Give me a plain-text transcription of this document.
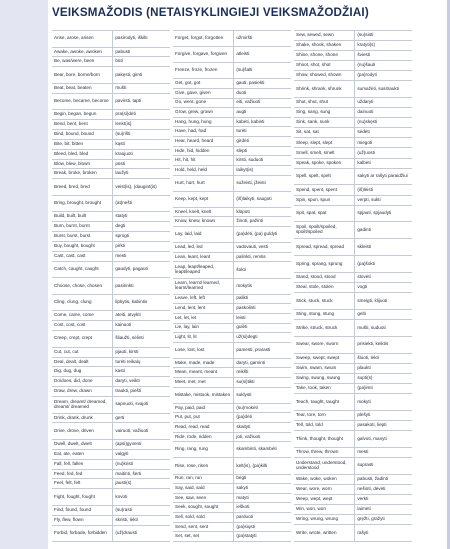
VEIKSMAŽODIS (NETAISYKLINGIEJI VEIKSMAŽODŽIAI)
Arise, arose, arisen	pasirodyti, iškilti
Awake, awoke, awoken	pabusti
Be, was/were, been	būti
Bear, bore, borne/born	pakęsti, gimti
Beat, beat, beaten	mušti
Become, became, become	pavirsti, tapti
Begin, began, begun	pra(si)dėti
Bend, bent, bent	lenkt(is)
Bind, bound, bound	(su)rišti
Bite, bit, bitten	kąsti
Bleed, bled, bled	kraujuoti
Blow, blew, blown	pūsti
Break, broke, broken	laužyti
Breed, bred, bred	veist(is), (daugint(is)
Bring, brought, brought	(at)nešti
Build, built, built	statyti
Burn, burnt, burnt	degti
Burst, burst, burst	sprogti
Buy, bought, bought	pirkti
Cast, cast, cast	mesti
Catch, caught, caught	gaudyti, pagauti
Choose, chose, chosen	pasirinkti
Cling, clung, clung	lipkytis, kabintis
Come, came, come	ateiti, atvykti
Cost, cost, cost	kainuoti
Creep, crept, crept	šliaužti, sėlinti
Cut, cut, cut	pjauti, kirsti
Deal, dealt, dealt	turėti reikalų
Dig, dug, dug	kasti
Do/does, did, done	daryti, veikti
Draw, drew, drawn	traukti, piešti
Dream, dreamt/ dreamed, dreamt/ dreamed	sapnuoti, svajoti
Drink, drank, drunk	gerti
Drive, drove, driven	vairuoti, važiuoti
Dwell, dwelt, dwelt	(apsi)gyventi
Eat, ate, eaten	valgyti
Fall, fell, fallen	(nu)kristi
Feed, fed, fed	maitinti, šerti
Feel, felt, felt	jausti(s)
Fight, fought, fought	kovoti
Find, found, found	(su)rasti
Fly, flew, flown	skristi, lėkti
Forbid, forbade, forbidden	(už)drausti
Forget, forgot, forgotten	užmiršti
Forgive, forgave, forgiven	atleisti
Freeze, froze, frozen	(su)šalti
Get, got, got	gauti, pasiekti
Give, gave, given	duoti
Go, went, gone	eiti, važiuoti
Grow, grew, grown	augti
Hang, hung, hung	kabėti, kabinti
Have, had, had	turėti
Hear, heard, heard	girdėti
Hide, hid, hidden	slėpti
Hit, hit, hit	kirsti, suduoti
Hold, held, held	laikyt(is)
Hurt, hurt, hurt	sužeisti, įžeisti
Keep, kept, kept	(iš)laikyti, saugoti
Kneel, knelt, knelt	klūpoti
Know, knew, known	žinoti, pažinti
Lay, laid, laid	(pa)dėti, (pa) guldyti
Lead, led, led	vadovauti, vesti
Lean, leant, leant	palinkti, remtis
Leap, leapt/leaped, leapt/leaped	šokti
Learn, learnt/ learned, learnt/learned	mokytis
Leave, left, left	palikti
Lend, lent, lent	paskolinti
Let, let, let	leisti
Lie, lay, lain	gulėti
Light, lit, lit	už(si)degti
Lose, lost, lost	pamesti, prarasti
Make, made, made	daryti, gaminti
Mean, meant, meant	reikšti
Meet, met, met	su(si)tikti
Mistake, mistook, mistaken	suklysti
Pay, paid, paid	(su)mokėti
Put, put, put	(pa)dėti
Read, read, read	skaityti
Ride, rode, ridden	joti, važiuoti
Ring, rang, rung	skambinti, skambėti
Rise, rose, risen	kelt(is), (pa)kilti
Run, ran, run	bėgti
Say, said, said	sakyti
See, saw, seen	matyti
Seek, sought, sought	ieškoti
Sell, sold, sold	parduoti
Send, sent, sent	(pa)siųsti
Set, set, set	(pa)statyti
Sew, sewed, sewn	(su)siūti
Shake, shook, shaken	kratyti(s)
Shine, shone, shone	šviesti
Shoot, shot, shot	(nu)šauti
Show, showed, shown	(pa)rodyti
Shrink, shrank, shrunk	sumažėti, susitraukti
Shut, shut, shut	uždaryti
Sing, sang, sung	dainuoti
Sink, sank, sunk	(nu)skęsti
Sit, sat, sat	sėdėti
Sleep, slept, slept	miegoti
Smell, smelt, smelt	(už)uosti
Speak, spoke, spoken	kalbėti
Spell, spelt, spelt	sakyti ar rašyti paraidžiui
Spend, spent, spent	(iš)leisti
Spin, spun, spun	verpti, sukti
Spit, spat, spat	spjauti, spjaudyti
Spoil, spoilt/spoiled, spoilt/spoiled	gadinti
Spread, spread, spread	skleisti
Spring, sprang, sprung	(pa)šokti
Stand, stood, stood	stovėti
Steal, stole, stolen	vogti
Stick, stuck, stuck	smeigti, klijuoti
Sting, stung, stung	gelti
Strike, struck, struck	mušti, suduoti
Swear, swore, sworn	prisiekti, keiktis
Sweep, swept, swept	šluoti, lėkti
Swim, swam, swum	plaukti
Swing, swung, swung	supti(s)
Take, took, taken	(pa)imti
Teach, taught, taught	mokyti
Tear, tore, torn	plėšyti
Tell, told, told	pasakoti, liepti
Think, thought, thought	galvoti, manyti
Throw, threw, thrown	mesti
Understand, understood, understood	suprasti
Wake, woke, woken	pabusti, žadinti
Wear, wore, worn	nešioti, dėvėti
Weep, wept, wept	verkti
Win, won, won	laimėti
Wring, wrung, wrung	gręžti, gražyti
Write, wrote, written	rašyti
